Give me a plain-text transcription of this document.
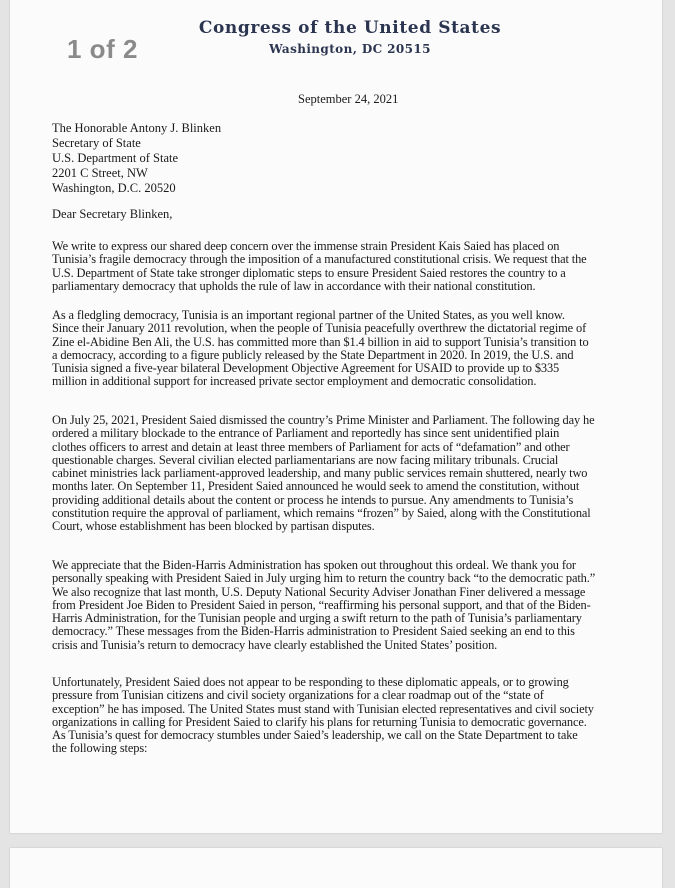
1 of 2
Congress of the United States
Washington, DC 20515
September 24, 2021
The Honorable Antony J. Blinken
Secretary of State
U.S. Department of State
2201 C Street, NW
Washington, D.C. 20520
Dear Secretary Blinken,
We write to express our shared deep concern over the immense strain President Kais Saied has placed on
Tunisia’s fragile democracy through the imposition of a manufactured constitutional crisis. We request that the
U.S. Department of State take stronger diplomatic steps to ensure President Saied restores the country to a
parliamentary democracy that upholds the rule of law in accordance with their national constitution.
As a fledgling democracy, Tunisia is an important regional partner of the United States, as you well know.
Since their January 2011 revolution, when the people of Tunisia peacefully overthrew the dictatorial regime of
Zine el-Abidine Ben Ali, the U.S. has committed more than $1.4 billion in aid to support Tunisia’s transition to
a democracy, according to a figure publicly released by the State Department in 2020. In 2019, the U.S. and
Tunisia signed a five-year bilateral Development Objective Agreement for USAID to provide up to $335
million in additional support for increased private sector employment and democratic consolidation.
On July 25, 2021, President Saied dismissed the country’s Prime Minister and Parliament. The following day he
ordered a military blockade to the entrance of Parliament and reportedly has since sent unidentified plain
clothes officers to arrest and detain at least three members of Parliament for acts of “defamation” and other
questionable charges. Several civilian elected parliamentarians are now facing military tribunals. Crucial
cabinet ministries lack parliament-approved leadership, and many public services remain shuttered, nearly two
months later. On September 11, President Saied announced he would seek to amend the constitution, without
providing additional details about the content or process he intends to pursue. Any amendments to Tunisia’s
constitution require the approval of parliament, which remains “frozen” by Saied, along with the Constitutional
Court, whose establishment has been blocked by partisan disputes.
We appreciate that the Biden-Harris Administration has spoken out throughout this ordeal. We thank you for
personally speaking with President Saied in July urging him to return the country back “to the democratic path.”
We also recognize that last month, U.S. Deputy National Security Adviser Jonathan Finer delivered a message
from President Joe Biden to President Saied in person, “reaffirming his personal support, and that of the Biden-
Harris Administration, for the Tunisian people and urging a swift return to the path of Tunisia’s parliamentary
democracy.” These messages from the Biden-Harris administration to President Saied seeking an end to this
crisis and Tunisia’s return to democracy have clearly established the United States’ position.
Unfortunately, President Saied does not appear to be responding to these diplomatic appeals, or to growing
pressure from Tunisian citizens and civil society organizations for a clear roadmap out of the “state of
exception” he has imposed. The United States must stand with Tunisian elected representatives and civil society
organizations in calling for President Saied to clarify his plans for returning Tunisia to democratic governance.
As Tunisia’s quest for democracy stumbles under Saied’s leadership, we call on the State Department to take
the following steps:
